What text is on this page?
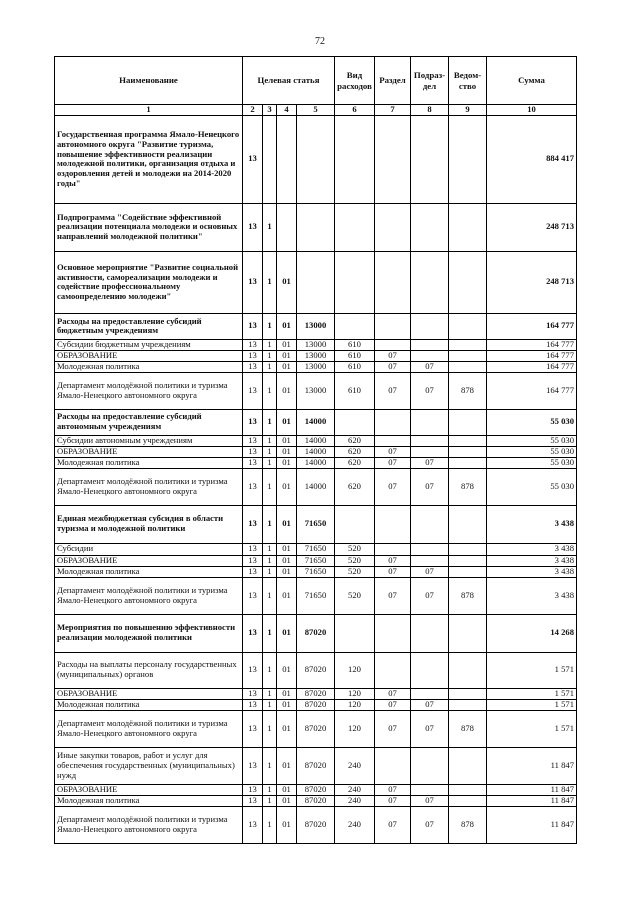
72
Наименование	Целевая статья				Вид расходов	Раздел	Подраз-дел	Ведом-ство	Сумма
1	2	3	4	5	6	7	8	9	10
Государственная программа Ямало-Ненецкого автономного округа "Развитие туризма, повышение эффективности реализации молодежной политики, организация отдыха и оздоровления детей и молодежи на 2014-2020 годы"	13								884 417
Подпрограмма "Содействие эффективной реализации потенциала молодежи и основных направлений молодежной политики"	13	1							248 713
Основное мероприятие "Развитие социальной активности, самореализации молодежи и содействие профессиональному самоопределению молодежи"	13	1	01						248 713
Расходы на предоставление субсидий бюджетным учреждениям	13	1	01	13000					164 777
Субсидии бюджетным учреждениям	13	1	01	13000	610				164 777
ОБРАЗОВАНИЕ	13	1	01	13000	610	07			164 777
Молодежная политика	13	1	01	13000	610	07	07		164 777
Департамент молодёжной политики и туризма Ямало-Ненецкого автономного округа	13	1	01	13000	610	07	07	878	164 777
Расходы на предоставление субсидий автономным учреждениям	13	1	01	14000					55 030
Субсидии автономным учреждениям	13	1	01	14000	620				55 030
ОБРАЗОВАНИЕ	13	1	01	14000	620	07			55 030
Молодежная политика	13	1	01	14000	620	07	07		55 030
Департамент молодёжной политики и туризма Ямало-Ненецкого автономного округа	13	1	01	14000	620	07	07	878	55 030
Единая межбюджетная субсидия в области туризма и молодежной политики	13	1	01	71650					3 438
Субсидии	13	1	01	71650	520				3 438
ОБРАЗОВАНИЕ	13	1	01	71650	520	07			3 438
Молодежная политика	13	1	01	71650	520	07	07		3 438
Департамент молодёжной политики и туризма Ямало-Ненецкого автономного округа	13	1	01	71650	520	07	07	878	3 438
Мероприятия по повышению эффективности реализации молодежной политики	13	1	01	87020					14 268
Расходы на выплаты персоналу государственных (муниципальных) органов	13	1	01	87020	120				1 571
ОБРАЗОВАНИЕ	13	1	01	87020	120	07			1 571
Молодежная политика	13	1	01	87020	120	07	07		1 571
Департамент молодёжной политики и туризма Ямало-Ненецкого автономного округа	13	1	01	87020	120	07	07	878	1 571
Иные закупки товаров, работ и услуг для обеспечения государственных (муниципальных) нужд	13	1	01	87020	240				11 847
ОБРАЗОВАНИЕ	13	1	01	87020	240	07			11 847
Молодежная политика	13	1	01	87020	240	07	07		11 847
Департамент молодёжной политики и туризма Ямало-Ненецкого автономного округа	13	1	01	87020	240	07	07	878	11 847
